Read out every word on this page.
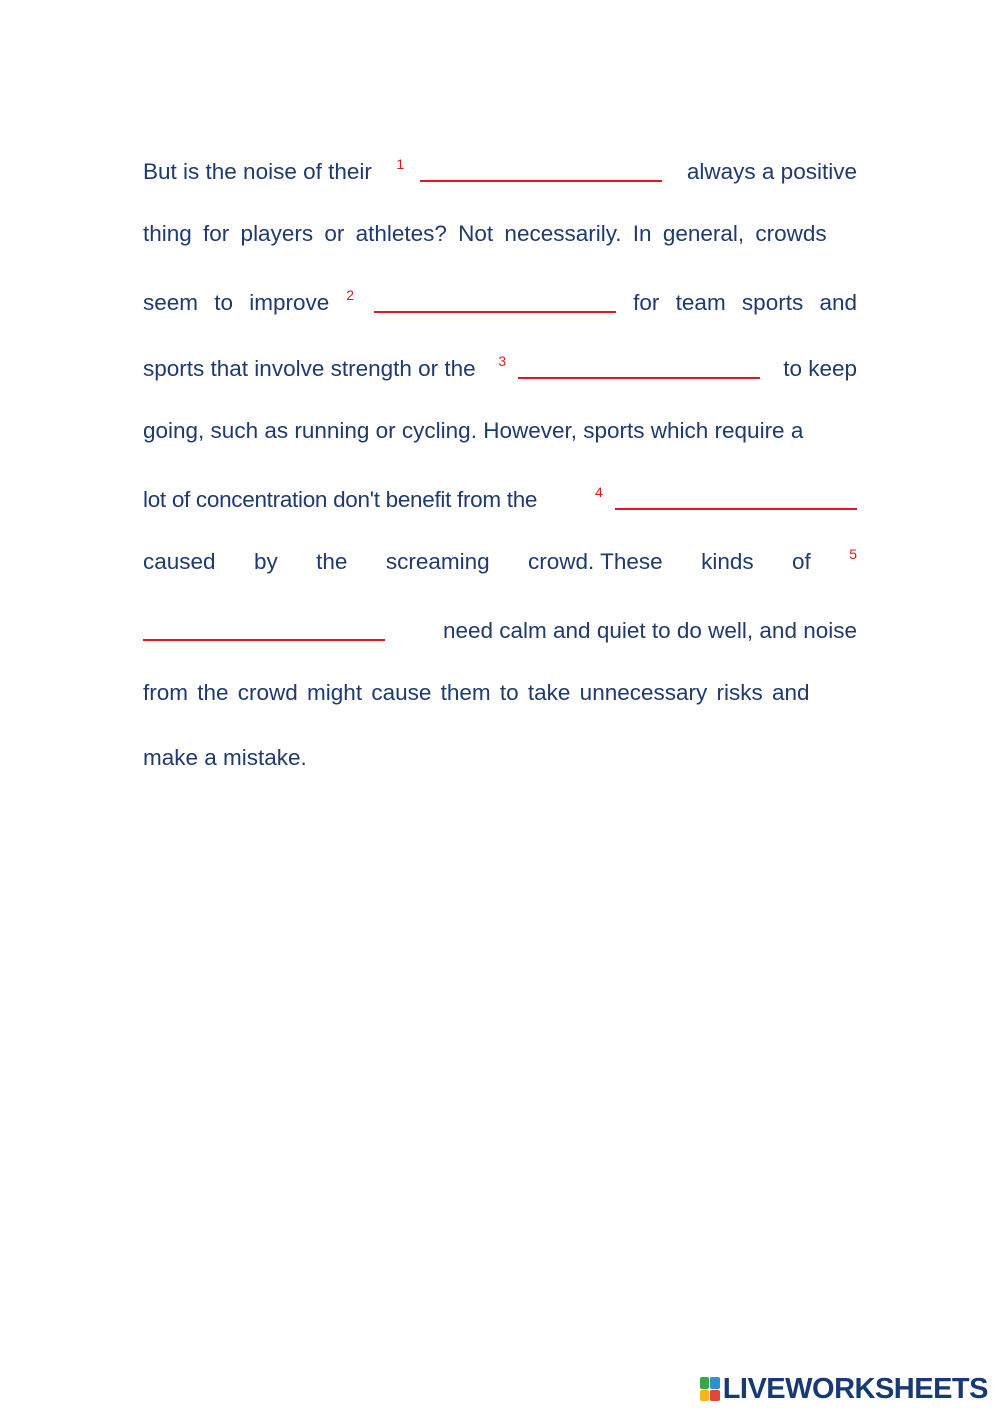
But is the noise of their $^1$	always a positive
thing for players or athletes? Not necessarily. In general, crowds
seem to improve $^2$	for team sports and
sports that involve strength or the $^3$	to keep
going, such as running or cycling. However, sports which require a
lot of concentration don't benefit from the	$^4$
caused by the screaming crowd. These kinds of	5
need calm and quiet to do well, and noise
from the crowd might cause them to take unnecessary risks and
make a mistake.
LIVEWORKSHEETS
